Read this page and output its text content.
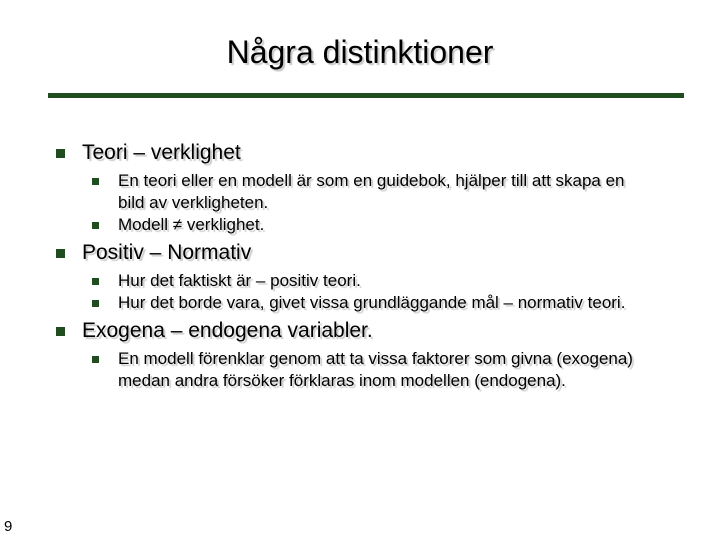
Några distinktioner
Teori – verklighet
En teori eller en modell är som en guidebok, hjälper till att skapa en bild av verkligheten.
Modell ≠ verklighet.
Positiv – Normativ
Hur det faktiskt är – positiv teori.
Hur det borde vara, givet vissa grundläggande mål – normativ teori.
Exogena – endogena variabler.
En modell förenklar genom att ta vissa faktorer som givna (exogena) medan andra försöker förklaras inom modellen (endogena).
9
